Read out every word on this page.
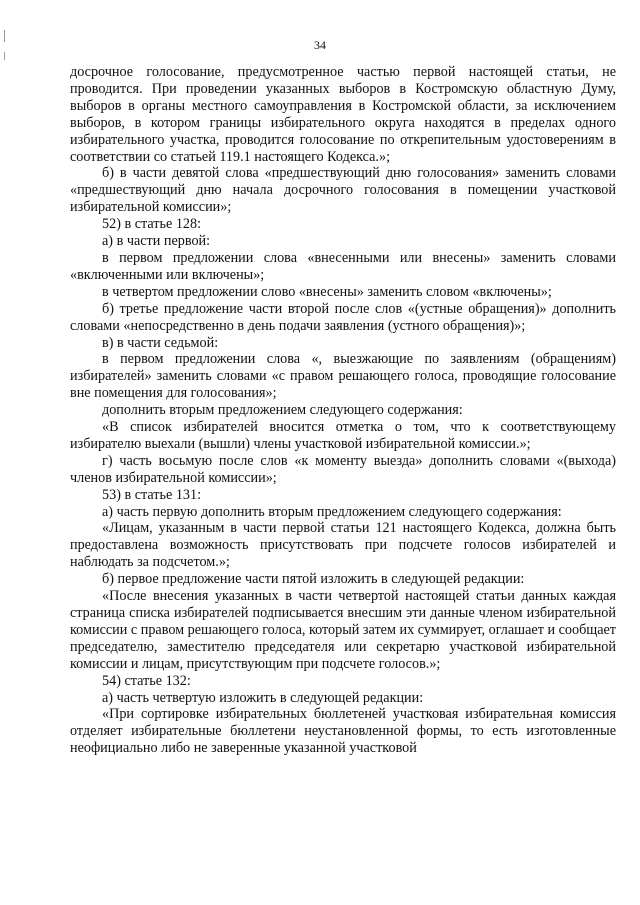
34

досрочное голосование, предусмотренное частью первой настоящей статьи, не проводится. При проведении указанных выборов в Костромскую областную Думу, выборов в органы местного самоуправления в Костромской области, за исключением выборов, в котором границы избирательного округа находятся в пределах одного избирательного участка, проводится голосование по открепительным удостоверениям в соответствии со статьей 119.1 настоящего Кодекса.»;

б) в части девятой слова «предшествующий дню голосования» заменить словами «предшествующий дню начала досрочного голосования в помещении участковой избирательной комиссии»;

52) в статье 128:

а) в части первой:

в первом предложении слова «внесенными или внесены» заменить словами «включенными или включены»;

в четвертом предложении слово «внесены» заменить словом «включены»;

б) третье предложение части второй после слов «(устные обращения)» дополнить словами «непосредственно в день подачи заявления (устного обращения)»;

в) в части седьмой:

в первом предложении слова «, выезжающие по заявлениям (обращениям) избирателей» заменить словами «с правом решающего голоса, проводящие голосование вне помещения для голосования»;

дополнить вторым предложением следующего содержания:

«В список избирателей вносится отметка о том, что к соответствующему избирателю выехали (вышли) члены участковой избирательной комиссии.»;

г) часть восьмую после слов «к моменту выезда» дополнить словами «(выхода) членов избирательной комиссии»;

53) в статье 131:

а) часть первую дополнить вторым предложением следующего содержания:

«Лицам, указанным в части первой статьи 121 настоящего Кодекса, должна быть предоставлена возможность присутствовать при подсчете голосов избирателей и наблюдать за подсчетом.»;

б) первое предложение части пятой изложить в следующей редакции:

«После внесения указанных в части четвертой настоящей статьи данных каждая страница списка избирателей подписывается внесшим эти данные членом избирательной комиссии с правом решающего голоса, который затем их суммирует, оглашает и сообщает председателю, заместителю председателя или секретарю участковой избирательной комиссии и лицам, присутствующим при подсчете голосов.»;

54) статье 132:

а) часть четвертую изложить в следующей редакции:

«При сортировке избирательных бюллетеней участковая избирательная комиссия отделяет избирательные бюллетени неустановленной формы, то есть изготовленные неофициально либо не заверенные указанной участковой
